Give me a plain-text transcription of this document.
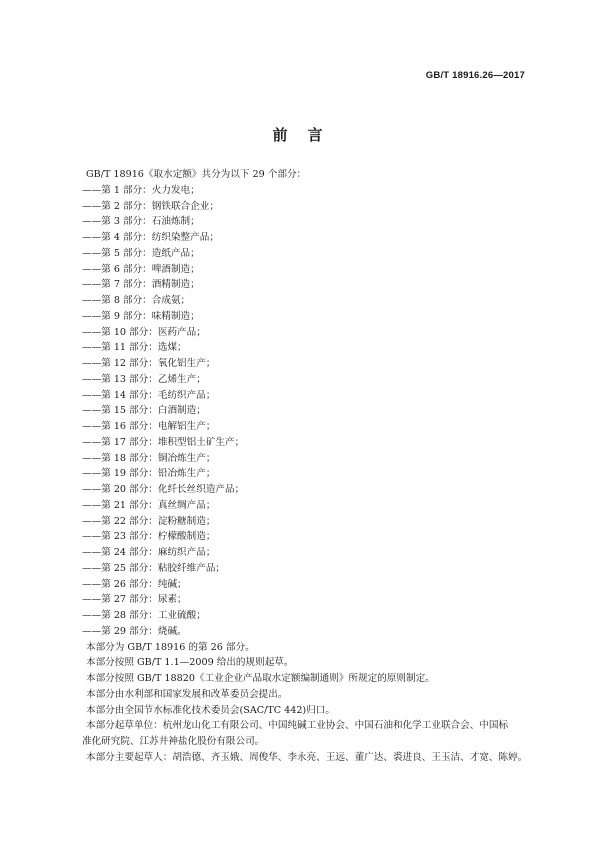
GB/T 18916.26—2017
前言
GB/T 18916《取水定额》共分为以下 29 个部分：
——第 1 部分：火力发电；
——第 2 部分：钢铁联合企业；
——第 3 部分：石油炼制；
——第 4 部分：纺织染整产品；
——第 5 部分：造纸产品；
——第 6 部分：啤酒制造；
——第 7 部分：酒精制造；
——第 8 部分：合成氨；
——第 9 部分：味精制造；
——第 10 部分：医药产品；
——第 11 部分：选煤；
——第 12 部分：氧化铝生产；
——第 13 部分：乙烯生产；
——第 14 部分：毛纺织产品；
——第 15 部分：白酒制造；
——第 16 部分：电解铝生产；
——第 17 部分：堆积型铝土矿生产；
——第 18 部分：铜冶炼生产；
——第 19 部分：铅冶炼生产；
——第 20 部分：化纤长丝织造产品；
——第 21 部分：真丝绸产品；
——第 22 部分：淀粉糖制造；
——第 23 部分：柠檬酸制造；
——第 24 部分：麻纺织产品；
——第 25 部分：粘胶纤维产品；
——第 26 部分：纯碱；
——第 27 部分：尿素；
——第 28 部分：工业硫酸；
——第 29 部分：烧碱。
本部分为 GB/T 18916 的第 26 部分。
本部分按照 GB/T 1.1—2009 给出的规则起草。
本部分按照 GB/T 18820《工业企业产品取水定额编制通则》所规定的原则制定。
本部分由水利部和国家发展和改革委员会提出。
本部分由全国节水标准化技术委员会(SAC/TC 442)归口。
本部分起草单位：杭州龙山化工有限公司、中国纯碱工业协会、中国石油和化学工业联合会、中国标
准化研究院、江苏井神盐化股份有限公司。
本部分主要起草人：胡浩德、齐玉娥、周俊华、李永亮、王远、董广达、裘进良、王玉洁、才宽、陈婷。
